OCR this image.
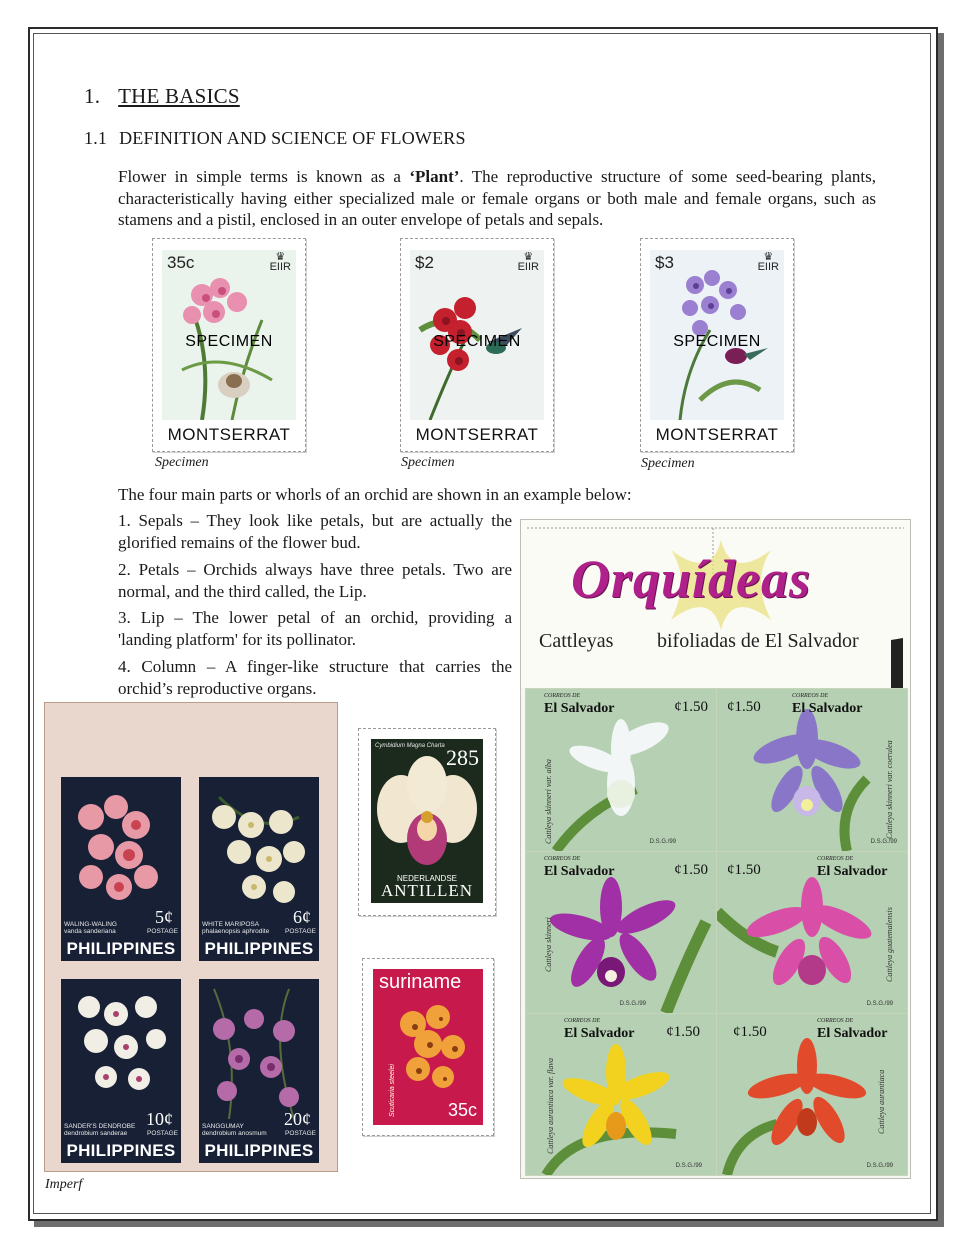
1. THE BASICS
1.1 DEFINITION AND SCIENCE OF FLOWERS
Flower in simple terms is known as a ‘Plant’. The reproductive structure of some seed-bearing plants, characteristically having either specialized male or female organs or both male and female organs, such as stamens and a pistil, enclosed in an outer envelope of petals and sepals.
35c	♛
EIIR
SPECIMEN
MONTSERRAT
Specimen
$2	♛
EIIR
SPECIMEN
MONTSERRAT
Specimen
$3	♛
EIIR
SPECIMEN
MONTSERRAT
Specimen
The four main parts or whorls of an orchid are shown in an example below:
1. Sepals – They look like petals, but are actually the glorified remains of the flower bud.
2. Petals – Orchids always have three petals. Two are normal, and the third called, the Lip.
3. Lip – The lower petal of an orchid, providing a 'landing platform' for its pollinator.
4. Column – A finger-like structure that carries the orchid’s reproductive organs.
WALING-WALING
vanda sanderiana	POSTAGE
5¢
PHILIPPINES
WHITE MARIPOSA
phalaenopsis aphrodite POSTAGE
6¢
PHILIPPINES
SANDER'S DENDROBE
dendrobium sanderae	POSTAGE
10¢
PHILIPPINES
SANGGUMAY
dendrobium anosmum	POSTAGE
20¢
PHILIPPINES
Imperf
Cymbidium Magna Charta 285
NEDERLANDSE
ANTILLEN
suriname
Scuticaria steelei	35c
Orquídeas
Cattleyas bifoliadas de El Salvador
CORREOS DE
El Salvador	¢1.50
D.S.G./99
Cattleya skinneri var. alba
¢1.50
CORREOS DE
El Salvador
D.S.G./99
Cattleya skinneri var. coerulea
CORREOS DE
El Salvador	¢1.50
D.S.G./99
Cattleya skinneri
¢1.50
CORREOS DE
El Salvador
D.S.G./99
Cattleya guatemalensis
CORREOS DE
El Salvador ¢1.50
D.S.G./99
Cattleya aurantiaca var. flava
¢1.50
CORREOS DE
El Salvador
D.S.G./99
Cattleya aurantiaca
